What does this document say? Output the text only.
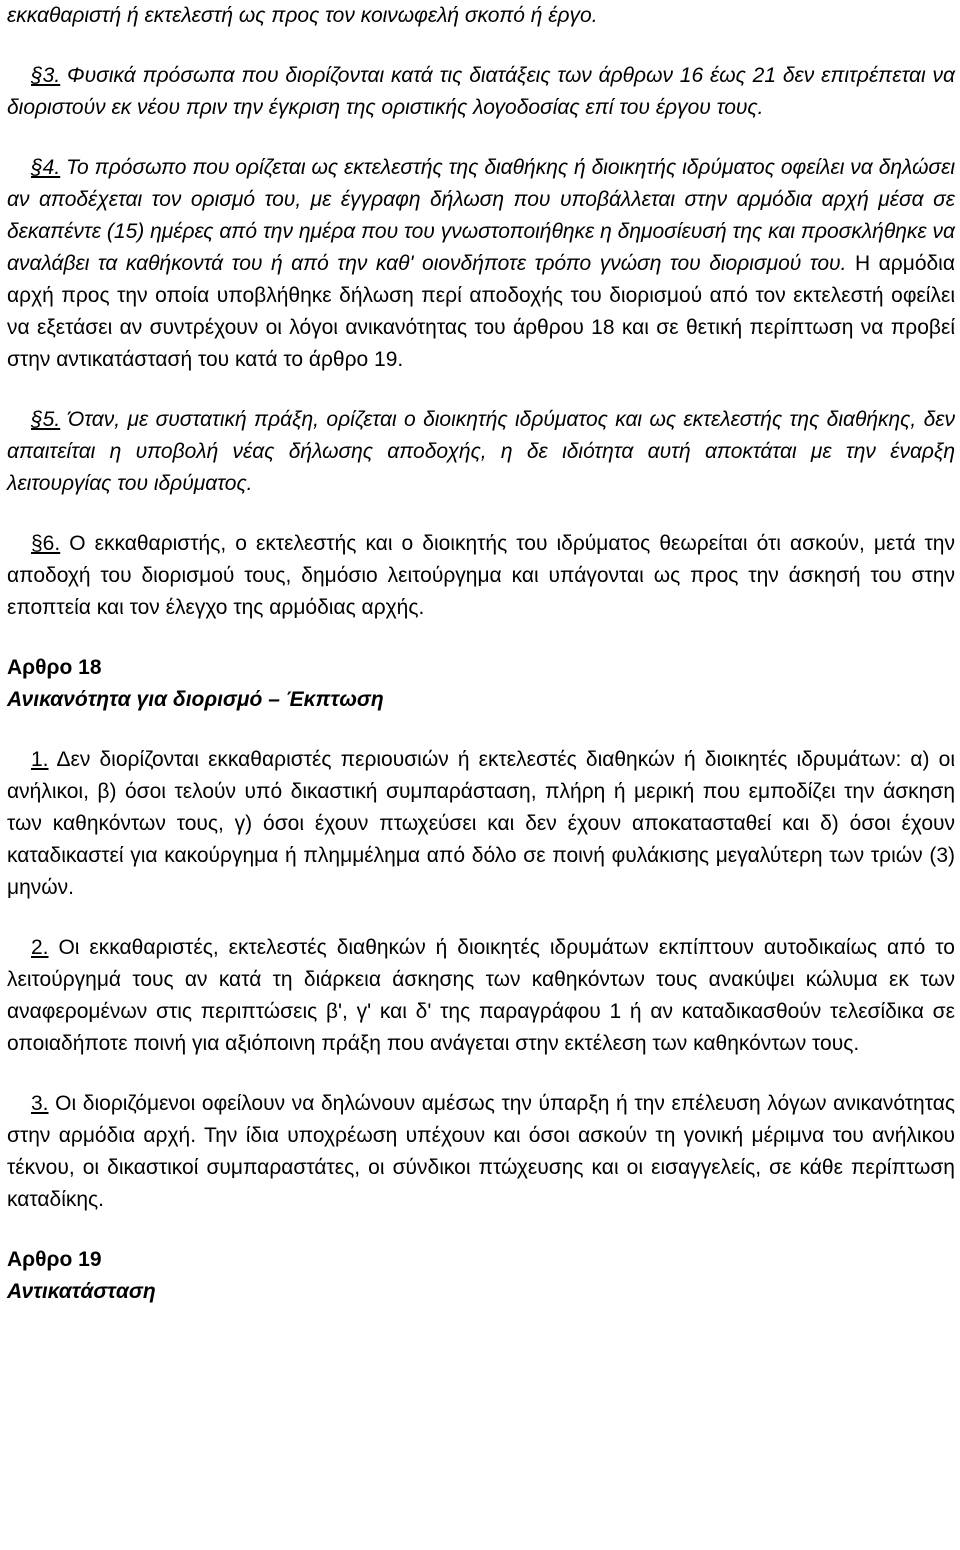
εκκαθαριστή ή εκτελεστή ως προς τον κοινωφελή σκοπό ή έργο.

§3. Φυσικά πρόσωπα που διορίζονται κατά τις διατάξεις των άρθρων 16 έως 21 δεν επιτρέπεται να διοριστούν εκ νέου πριν την έγκριση της οριστικής λογοδοσίας επί του έργου τους.

§4. Το πρόσωπο που ορίζεται ως εκτελεστής της διαθήκης ή διοικητής ιδρύματος οφείλει να δηλώσει αν αποδέχεται τον ορισμό του, με έγγραφη δήλωση που υποβάλλεται στην αρμόδια αρχή μέσα σε δεκαπέντε (15) ημέρες από την ημέρα που του γνωστοποιήθηκε η δημοσίευσή της και προσκλήθηκε να αναλάβει τα καθήκοντά του ή από την καθ' οιονδήποτε τρόπο γνώση του διορισμού του. Η αρμόδια αρχή προς την οποία υποβλήθηκε δήλωση περί αποδοχής του διορισμού από τον εκτελεστή οφείλει να εξετάσει αν συντρέχουν οι λόγοι ανικανότητας του άρθρου 18 και σε θετική περίπτωση να προβεί στην αντικατάστασή του κατά το άρθρο 19.

§5. Όταν, με συστατική πράξη, ορίζεται ο διοικητής ιδρύματος και ως εκτελεστής της διαθήκης, δεν απαιτείται η υποβολή νέας δήλωσης αποδοχής, η δε ιδιότητα αυτή αποκτάται με την έναρξη λειτουργίας του ιδρύματος.

§6. Ο εκκαθαριστής, ο εκτελεστής και ο διοικητής του ιδρύματος θεωρείται ότι ασκούν, μετά την αποδοχή του διορισμού τους, δημόσιο λειτούργημα και υπάγονται ως προς την άσκησή του στην εποπτεία και τον έλεγχο της αρμόδιας αρχής.

Αρθρο 18

Ανικανότητα για διορισμό – Έκπτωση

1. Δεν διορίζονται εκκαθαριστές περιουσιών ή εκτελεστές διαθηκών ή διοικητές ιδρυμάτων: α) οι ανήλικοι, β) όσοι τελούν υπό δικαστική συμπαράσταση, πλήρη ή μερική που εμποδίζει την άσκηση των καθηκόντων τους, γ) όσοι έχουν πτωχεύσει και δεν έχουν αποκατασταθεί και δ) όσοι έχουν καταδικαστεί για κακούργημα ή πλημμέλημα από δόλο σε ποινή φυλάκισης μεγαλύτερη των τριών (3) μηνών.

2. Οι εκκαθαριστές, εκτελεστές διαθηκών ή διοικητές ιδρυμάτων εκπίπτουν αυτοδικαίως από το λειτούργημά τους αν κατά τη διάρκεια άσκησης των καθηκόντων τους ανακύψει κώλυμα εκ των αναφερομένων στις περιπτώσεις β', γ' και δ' της παραγράφου 1 ή αν καταδικασθούν τελεσίδικα σε οποιαδήποτε ποινή για αξιόποινη πράξη που ανάγεται στην εκτέλεση των καθηκόντων τους.

3. Οι διοριζόμενοι οφείλουν να δηλώνουν αμέσως την ύπαρξη ή την επέλευση λόγων ανικανότητας στην αρμόδια αρχή. Την ίδια υποχρέωση υπέχουν και όσοι ασκούν τη γονική μέριμνα του ανήλικου τέκνου, οι δικαστικοί συμπαραστάτες, οι σύνδικοι πτώχευσης και οι εισαγγελείς, σε κάθε περίπτωση καταδίκης.

Αρθρο 19

Αντικατάσταση
